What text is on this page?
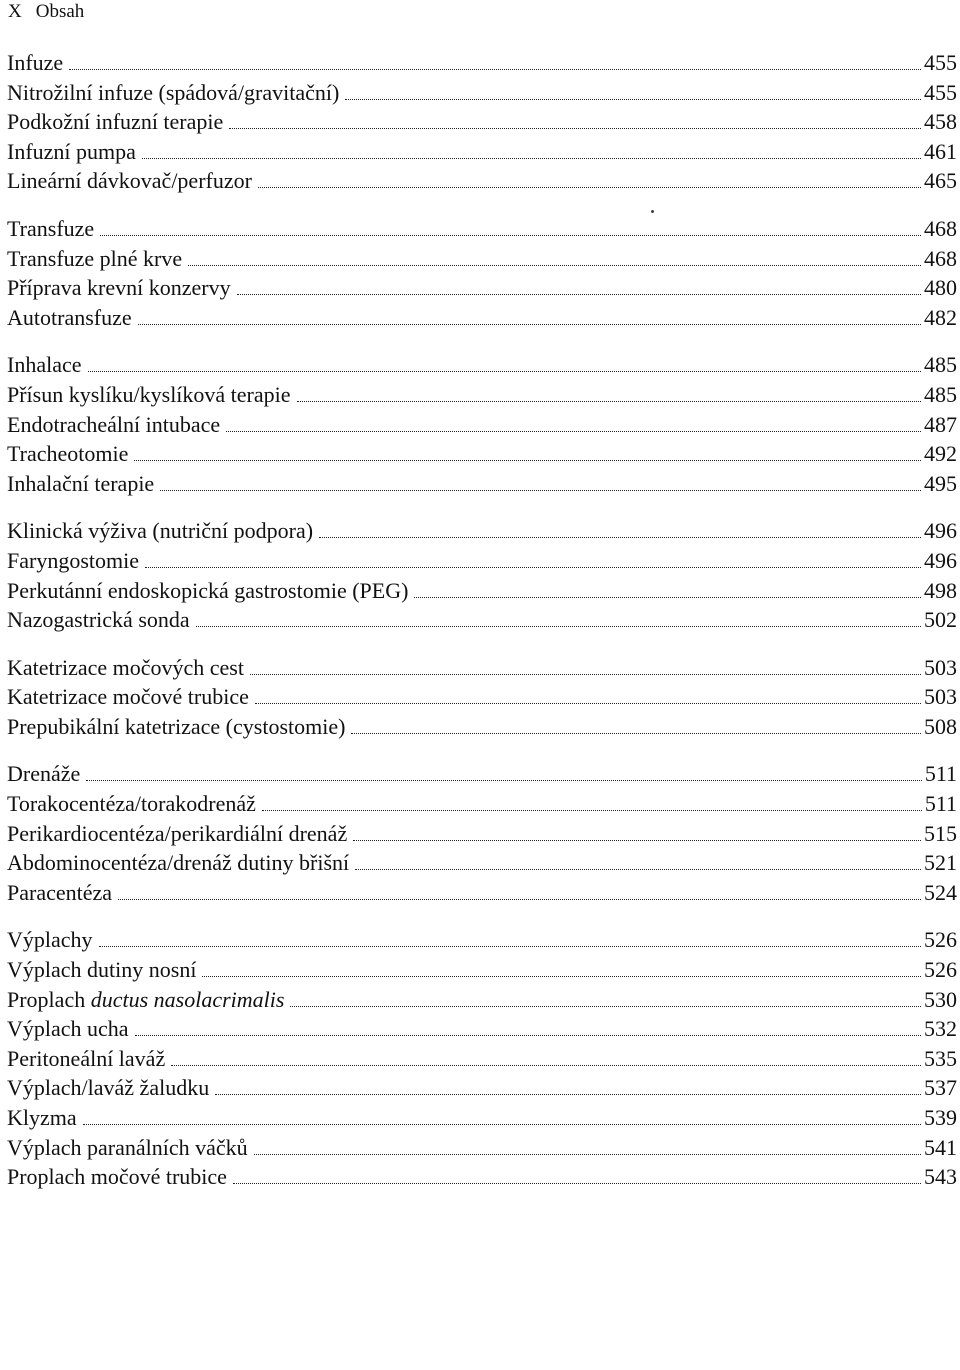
X Obsah
Infuze	455
Nitrožilní infuze (spádová/gravitační)	455
Podkožní infuzní terapie	458
Infuzní pumpa	461
Lineární dávkovač/perfuzor	465
Transfuze	468
Transfuze plné krve	468
Příprava krevní konzervy	480
Autotransfuze	482
Inhalace	485
Přísun kyslíku/kyslíková terapie	485
Endotracheální intubace	487
Tracheotomie	492
Inhalační terapie	495
Klinická výživa (nutriční podpora)	496
Faryngostomie	496
Perkutánní endoskopická gastrostomie (PEG)	498
Nazogastrická sonda	502
Katetrizace močových cest	503
Katetrizace močové trubice	503
Prepubikální katetrizace (cystostomie)	508
Drenáže	511
Torakocentéza/torakodrenáž	511
Perikardiocentéza/perikardiální drenáž	515
Abdominocentéza/drenáž dutiny břišní	521
Paracentéza	524
Výplachy	526
Výplach dutiny nosní	526
Proplach ductus nasolacrimalis	530
Výplach ucha	532
Peritoneální laváž	535
Výplach/laváž žaludku	537
Klyzma	539
Výplach paranálních váčků	541
Proplach močové trubice	543
